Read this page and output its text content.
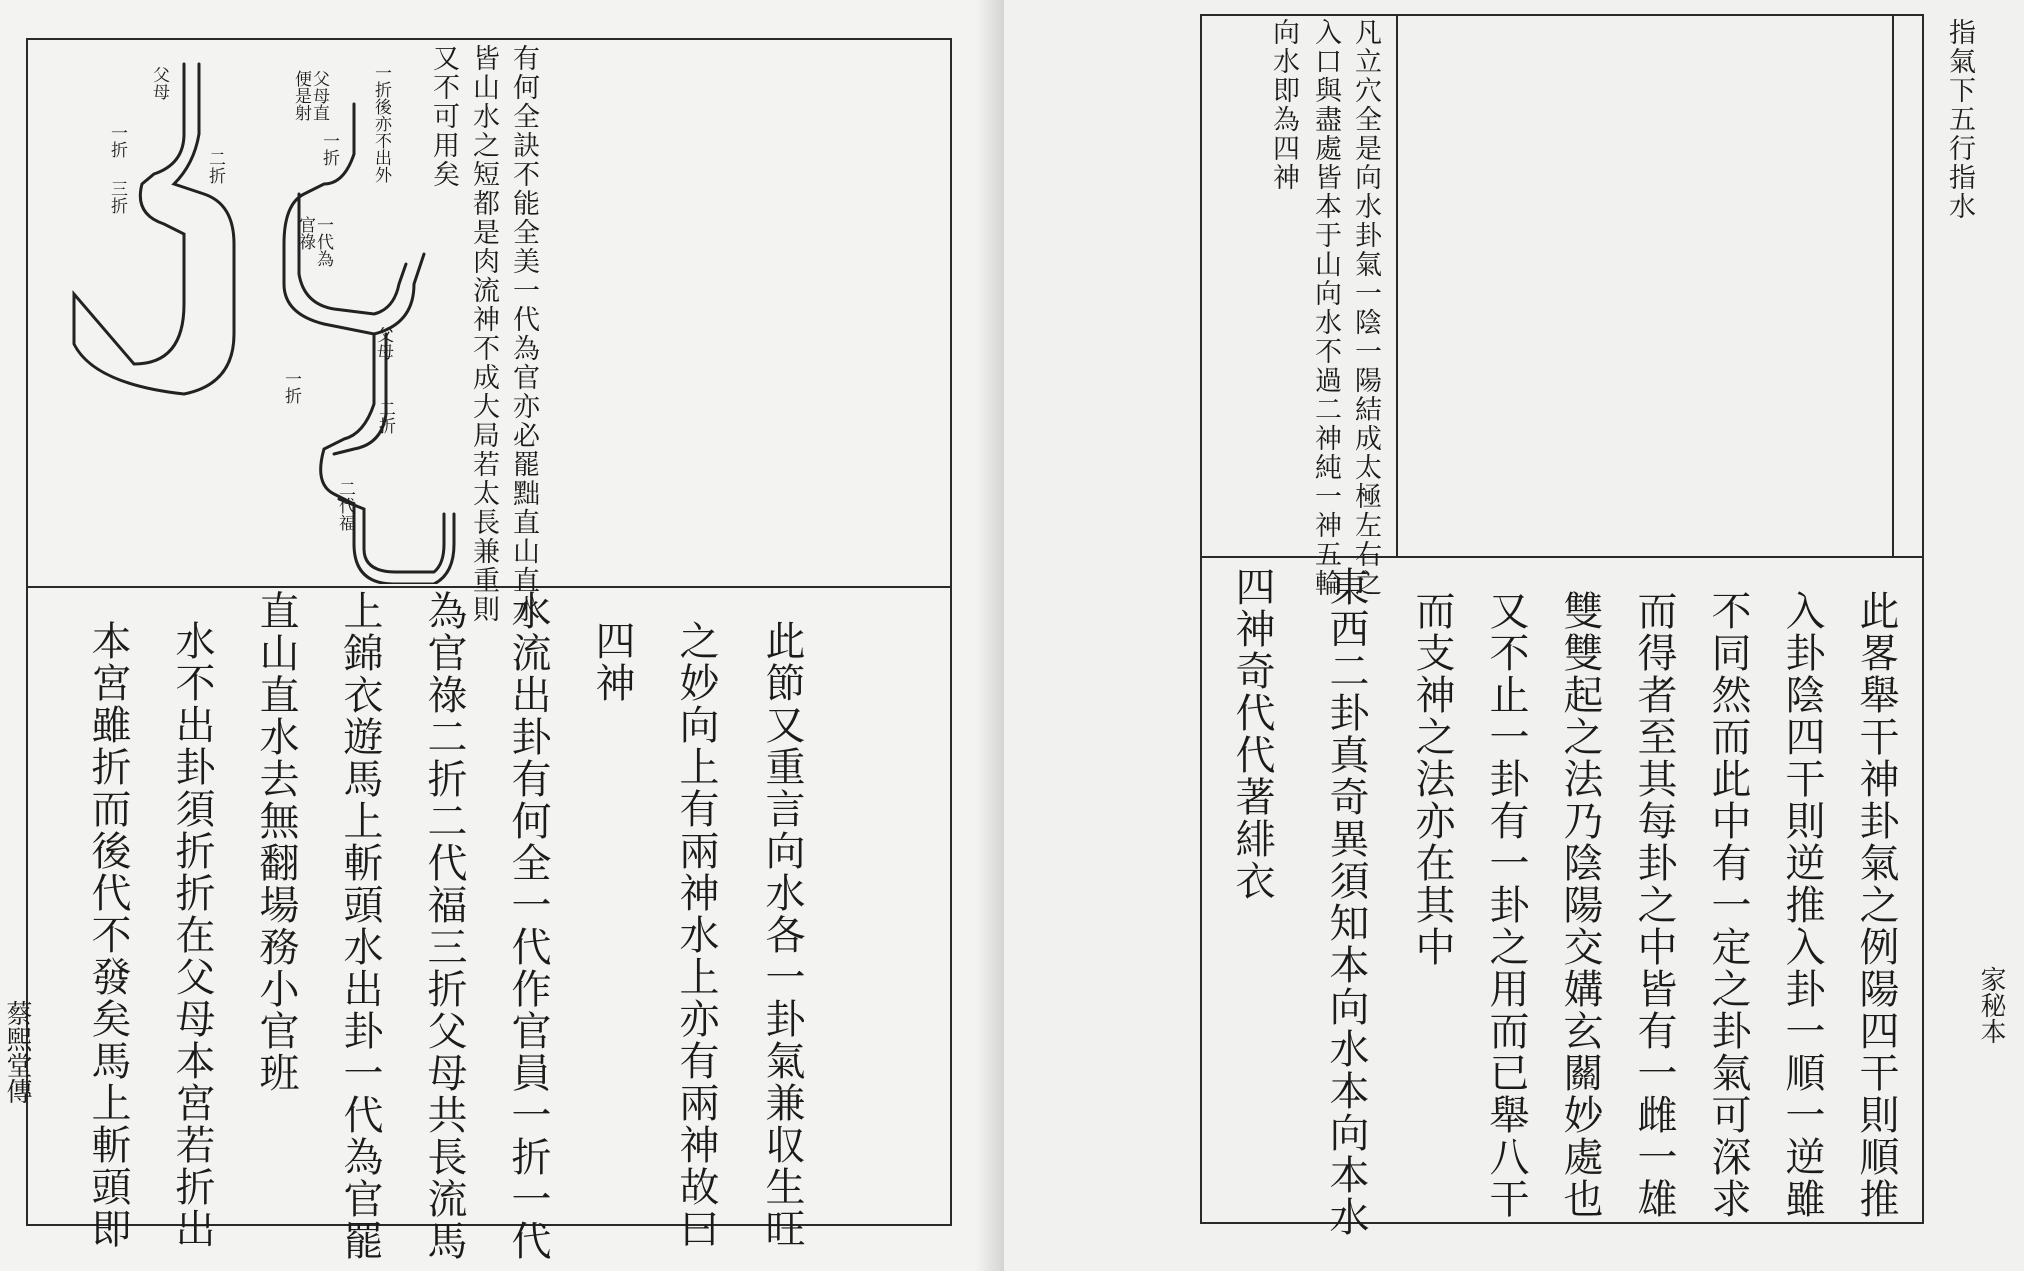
父母
一折
二折
三折
父母直
便是射	一折後亦不出外
一折
一代為
官祿
父母
一折
二折
二代福	有何全訣不能全美一代為官亦必罷黜直山直水
皆山水之短都是肉流神不成大局若太長兼重則
又不可用矣
此節又重言向水各一卦氣兼収生旺
之妙向上有兩神水上亦有兩神故曰
四神
水流出卦有何全一代作官員一折一代
為官祿二折二代福三折父母共長流馬
上錦衣遊馬上斬頭水出卦一代為官罷
直山直水去無翻場務小官班
水不出卦須折折在父母本宮若折出
本宮雖折而後代不發矣馬上斬頭即
蔡煕堂傳
指氣下五行指水
凡立穴全是向水卦氣一陰一陽結成太極左右之
入口與盡處皆本于山向水不過二神純一神五輪
向水即為四神
此畧舉干神卦氣之例陽四干則順推
入卦陰四干則逆推入卦一順一逆雖
不同然而此中有一定之卦氣可深求
而得者至其每卦之中皆有一雌一雄
雙雙起之法乃陰陽交媾玄關妙處也
又不止一卦有一卦之用而已舉八干
而支神之法亦在其中
東西二卦真奇異須知本向水本向本水
四神奇代代著緋衣
家秘本
